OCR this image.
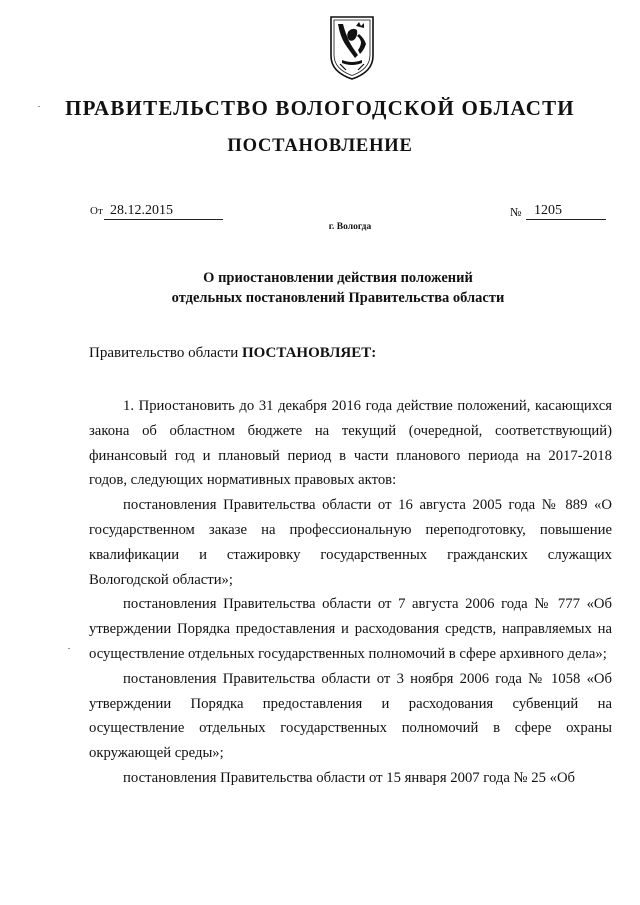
ПРАВИТЕЛЬСТВО ВОЛОГОДСКОЙ ОБЛАСТИ
ПОСТАНОВЛЕНИЕ
От 28.12.2015	№ 1205
г. Вологда
О приостановлении действия положений
отдельных постановлений Правительства области

Правительство области ПОСТАНОВЛЯЕТ:

1. Приостановить до 31 декабря 2016 года действие положений, касающихся закона об областном бюджете на текущий (очередной, соответствующий) финансовый год и плановый период в части планового периода на 2017-2018 годов, следующих нормативных правовых актов:

постановления Правительства области от 16 августа 2005 года № 889 «О государственном заказе на профессиональную переподготовку, повышение квалификации и стажировку государственных гражданских служащих Вологодской области»;

постановления Правительства области от 7 августа 2006 года № 777 «Об утверждении Порядка предоставления и расходования средств, направляемых на осуществление отдельных государственных полномочий в сфере архивного дела»;

постановления Правительства области от 3 ноября 2006 года № 1058 «Об утверждении Порядка предоставления и расходования субвенций на осуществление отдельных государственных полномочий в сфере охраны окружающей среды»;

постановления Правительства области от 15 января 2007 года № 25 «Об
